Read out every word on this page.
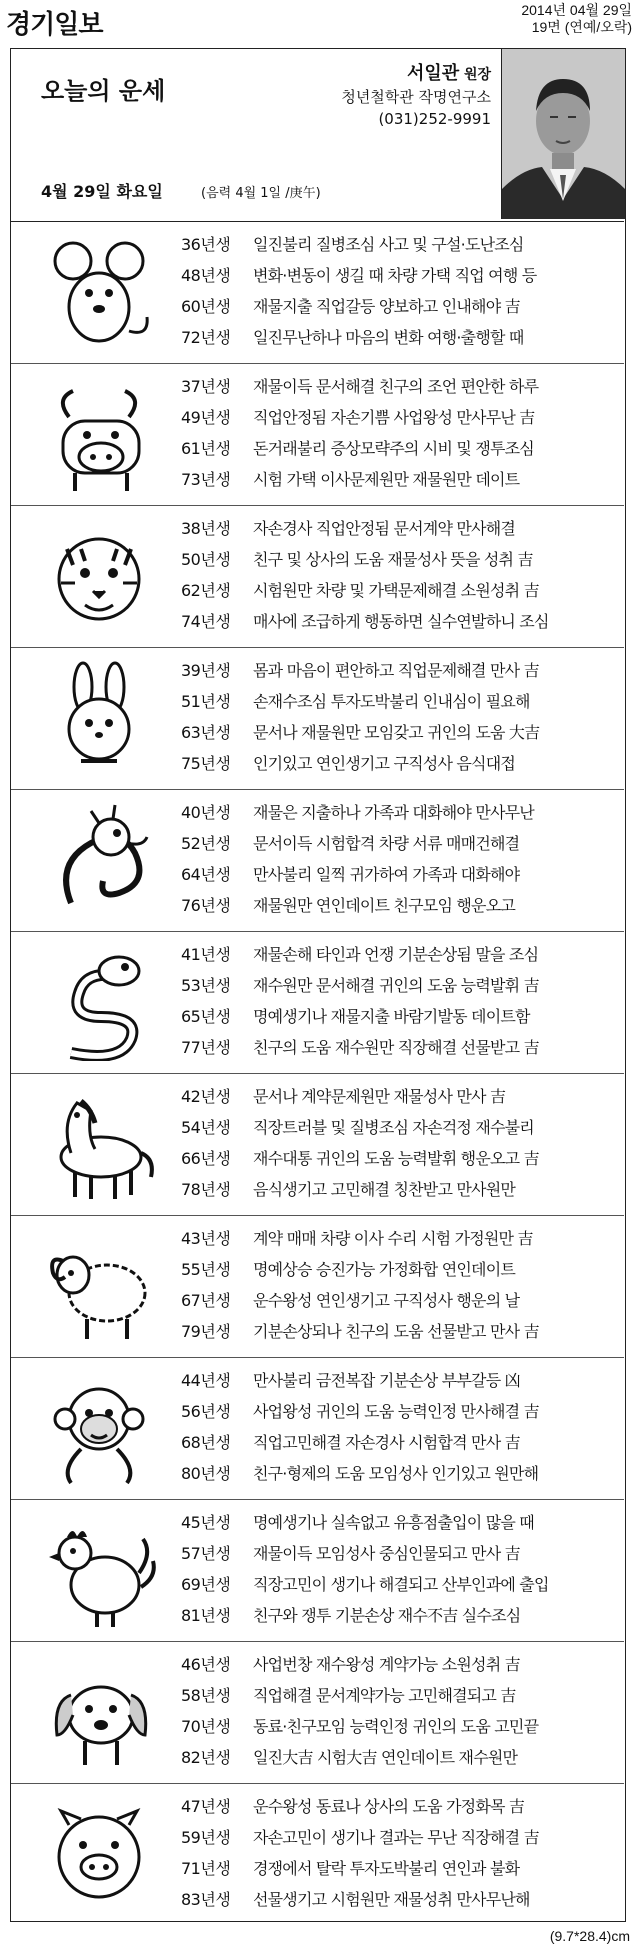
경기일보	2014년 04월 29일
19면 (연예/오락)
오늘의 운세
서일관 원장
청년철학관 작명연구소
(031)252-9991
4월 29일 화요일	(음력 4월 1일 /庚午)
36년생 일진불리 질병조심 사고 및 구설·도난조심
48년생 변화·변동이 생길 때 차량 가택 직업 여행 등
60년생 재물지출 직업갈등 양보하고 인내해야 吉
72년생 일진무난하나 마음의 변화 여행·출행할 때
37년생 재물이득 문서해결 친구의 조언 편안한 하루
49년생 직업안정됨 자손기쁨 사업왕성 만사무난 吉
61년생 돈거래불리 증상모략주의 시비 및 쟁투조심
73년생 시험 가택 이사문제원만 재물원만 데이트
38년생 자손경사 직업안정됨 문서계약 만사해결
50년생 친구 및 상사의 도움 재물성사 뜻을 성취 吉
62년생 시험원만 차량 및 가택문제해결 소원성취 吉
74년생 매사에 조급하게 행동하면 실수연발하니 조심
39년생 몸과 마음이 편안하고 직업문제해결 만사 吉
51년생 손재수조심 투자도박불리 인내심이 필요해
63년생 문서나 재물원만 모임갖고 귀인의 도움 大吉
75년생 인기있고 연인생기고 구직성사 음식대접
40년생 재물은 지출하나 가족과 대화해야 만사무난
52년생 문서이득 시험합격 차량 서류 매매건해결
64년생 만사불리 일찍 귀가하여 가족과 대화해야
76년생 재물원만 연인데이트 친구모임 행운오고
41년생 재물손해 타인과 언쟁 기분손상됨 말을 조심
53년생 재수원만 문서해결 귀인의 도움 능력발휘 吉
65년생 명예생기나 재물지출 바람기발동 데이트함
77년생 친구의 도움 재수원만 직장해결 선물받고 吉
42년생 문서나 계약문제원만 재물성사 만사 吉
54년생 직장트러블 및 질병조심 자손걱정 재수불리
66년생 재수대통 귀인의 도움 능력발휘 행운오고 吉
78년생 음식생기고 고민해결 칭찬받고 만사원만
43년생 계약 매매 차량 이사 수리 시험 가정원만 吉
55년생 명예상승 승진가능 가정화합 연인데이트
67년생 운수왕성 연인생기고 구직성사 행운의 날
79년생 기분손상되나 친구의 도움 선물받고 만사 吉
44년생 만사불리 금전복잡 기분손상 부부갈등 凶
56년생 사업왕성 귀인의 도움 능력인정 만사해결 吉
68년생 직업고민해결 자손경사 시험합격 만사 吉
80년생 친구·형제의 도움 모임성사 인기있고 원만해
45년생 명예생기나 실속없고 유흥점출입이 많을 때
57년생 재물이득 모임성사 중심인물되고 만사 吉
69년생 직장고민이 생기나 해결되고 산부인과에 출입
81년생 친구와 쟁투 기분손상 재수不吉 실수조심
46년생 사업번창 재수왕성 계약가능 소원성취 吉
58년생 직업해결 문서계약가능 고민해결되고 吉
70년생 동료·친구모임 능력인정 귀인의 도움 고민끝
82년생 일진大吉 시험大吉 연인데이트 재수원만
47년생 운수왕성 동료나 상사의 도움 가정화목 吉
59년생 자손고민이 생기나 결과는 무난 직장해결 吉
71년생 경쟁에서 탈락 투자도박불리 연인과 불화
83년생 선물생기고 시험원만 재물성취 만사무난해
(9.7*28.4)cm
